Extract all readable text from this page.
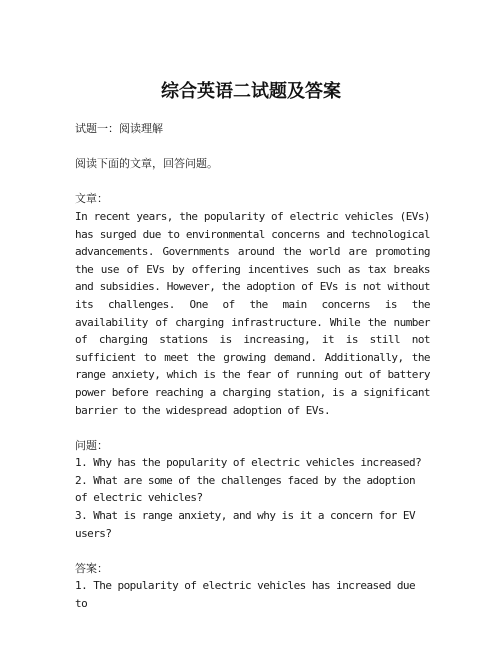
综合英语二试题及答案

试题一：阅读理解

阅读下面的文章，回答问题。

文章：

In recent years, the popularity of electric vehicles (EVs) has surged due to environmental concerns and technological advancements. Governments around the world are promoting the use of EVs by offering incentives such as tax breaks and subsidies. However, the adoption of EVs is not without its challenges. One of the main concerns is the availability of charging infrastructure. While the number of charging stations is increasing, it is still not sufficient to meet the growing demand. Additionally, the range anxiety, which is the fear of running out of battery power before reaching a charging station, is a significant barrier to the widespread adoption of EVs.

问题：

1. Why has the popularity of electric vehicles increased?

2. What are some of the challenges faced by the adoption of electric vehicles?

3. What is range anxiety, and why is it a concern for EV users?

答案：

1. The popularity of electric vehicles has increased due to
